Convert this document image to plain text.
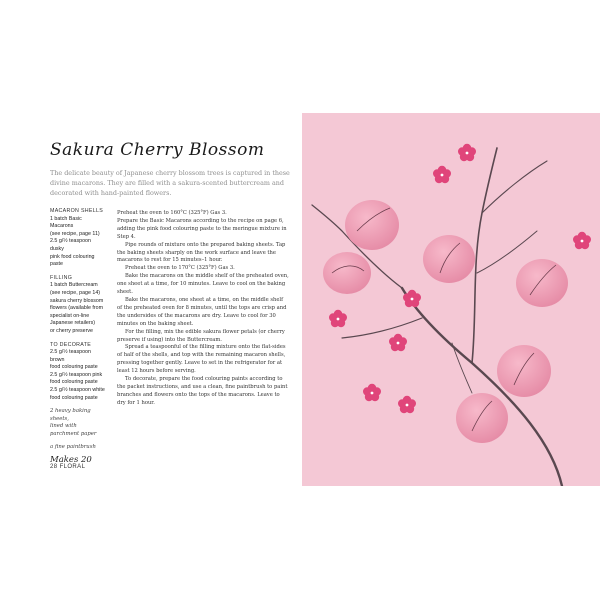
Sakura Cherry Blossom

The delicate beauty of Japanese cherry blossom trees is captured in these divine macarons. They are filled with a sakura-scented buttercream and decorated with hand-painted flowers.

MACARON SHELLS

1 batch Basic Macarons

(see recipe, page 11)

2.5 g/½ teaspoon dusky

pink food colouring

paste

FILLING

1 batch Buttercream

(see recipe, page 14)

sakura cherry blossom

flowers (available from

specialist on-line

Japanese retailers)

or cherry preserve

TO DECORATE

2.5 g/½ teaspoon brown

food colouring paste

2.5 g/½ teaspoon pink

food colouring paste

2.5 g/½ teaspoon white

food colouring paste

2 heavy baking sheets,

lined with parchment paper

a fine paintbrush

Makes 20

Preheat the oven to 160°C (325°F) Gas 3.

Prepare the Basic Macarons according to the recipe on page 6, adding the pink food colouring paste to the meringue mixture in Step 4.

Pipe rounds of mixture onto the prepared baking sheets. Tap the baking sheets sharply on the work surface and leave the macarons to rest for 15 minutes–1 hour.

Preheat the oven to 170°C (325°F) Gas 3.

Bake the macarons on the middle shelf of the preheated oven, one sheet at a time, for 10 minutes. Leave to cool on the baking sheet.

Bake the macarons, one sheet at a time, on the middle shelf of the preheated oven for 8 minutes, until the tops are crisp and the undersides of the macarons are dry. Leave to cool for 30 minutes on the baking sheet.

For the filling, mix the edible sakura flower petals (or cherry preserve if using) into the Buttercream.

Spread a teaspoonful of the filling mixture onto the flat-sides of half of the shells, and top with the remaining macaron shells, pressing together gently. Leave to set in the refrigerator for at least 12 hours before serving.

To decorate, prepare the food colouring paints according to the packet instructions, and use a clean, fine paintbrush to paint branches and flowers onto the tops of the macarons. Leave to dry for 1 hour.

28 FLORAL
